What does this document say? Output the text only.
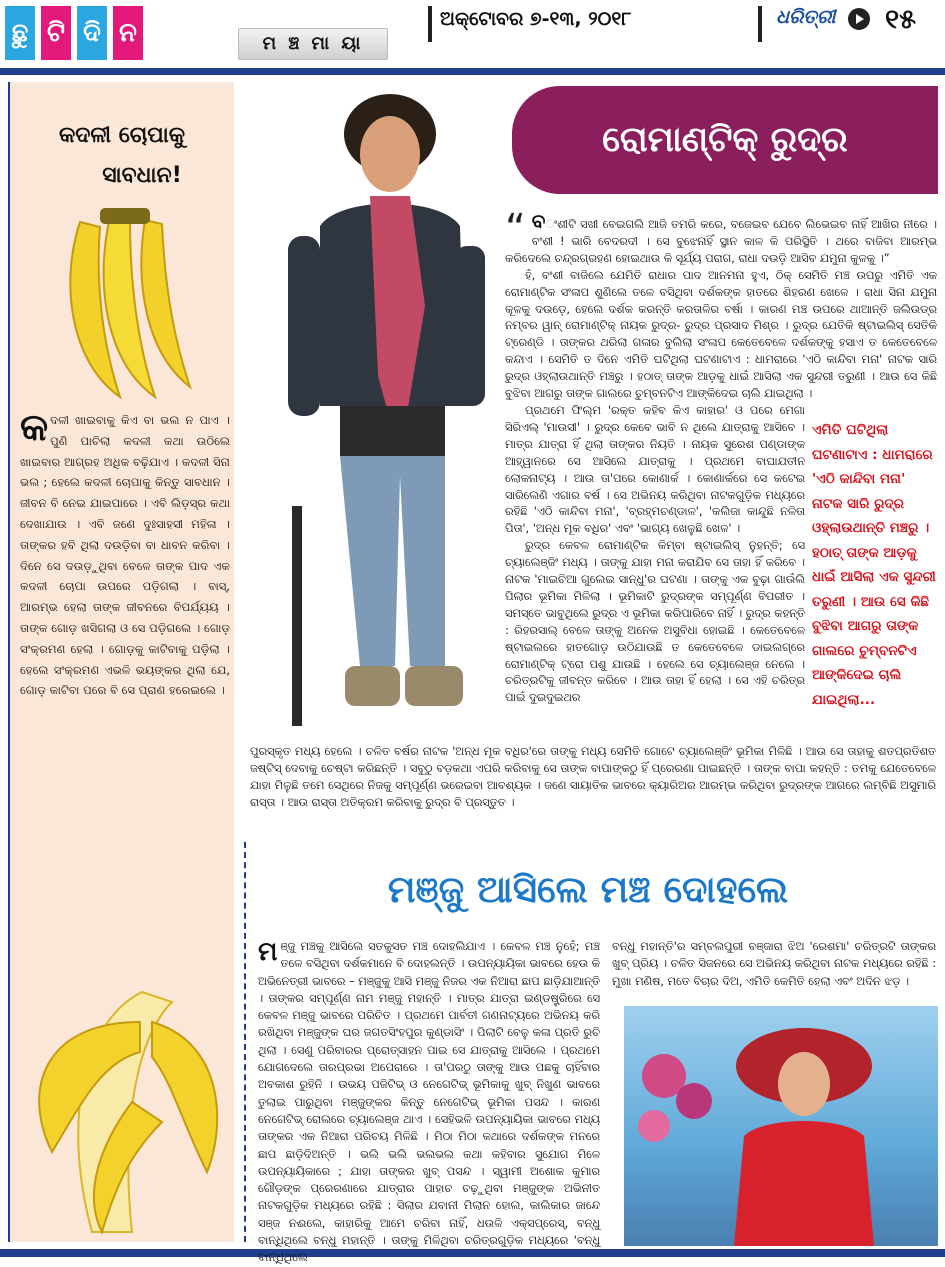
ଛୁ ଟି ଦି ନ	ମ ଞ୍ଚ ମା ୟା
ଅକ୍ଟୋବର ୭-୧୩, ୨୦୧୮	ଧରିତ୍ରୀ ୧୫
କଦଳୀ ଚୋପାକୁ
ସାବଧାନ!
କଦଳୀ ଖାଇବାକୁ କିଏ ବା ଭଲ ନ ପାଏ । ପୁଣି ପାଚିଲା କଦଳୀ କଥା ଉଠିଲେ ଖାଇବାର ଆଗ୍ରହ ଅଧିକ ବଢ଼ିଯାଏ । କଦଳୀ ସିନା ଭଲ ; ହେଲେ କଦଳୀ ଚୋପାକୁ କିନ୍ତୁ ସାବଧାନ । ଜୀବନ ବି ନେଇ ଯାଇପାରେ । ଏବି ଲିଡ଼ସ୍ର କଥା ଦେଖାଯାଉ । ଏବି ଜଣେ ଦୁଃସାହସୀ ମହିଳା । ତାଙ୍କର ହବି ଥିଲା ଦଉଡ଼ିବା ବା ଧାବନ କରିବା । ଦିନେ ସେ ଦଉଡ଼ୁଥିବା ବେଳେ ତାଙ୍କ ପାଦ ଏକ କଦଳୀ ଚୋପା ଉପରେ ପଡ଼ିଗଲା । ବାସ୍, ଆରମ୍ଭ ହେଲା ତାଙ୍କ ଜୀବନରେ ବିପର୍ଯ୍ୟୟ । ତାଙ୍କ ଗୋଡ଼ ଖସିଗଲା ଓ ସେ ପଡ଼ିଗଲେ । ଗୋଡ଼ ସଂକ୍ରମଣ ହେଲା । ଗୋଡ଼କୁ କାଟିବାକୁ ପଡ଼ିଲା । ହେଲେ ସଂକ୍ରମଣ ଏଭଳି ଭୟଙ୍କର ଥିଲା ଯେ, ଗୋଡ଼ କାଟିବା ପରେ ବି ସେ ପ୍ରାଣ ହରେଇଲେ ।
ରୋମାଣ୍ଟିକ୍ ରୁଦ୍ର

“ ବଂଶୀଟି ସଖୀ ବେଇଗଲି ଆଜି ତମରି କରେ, ବଜେଇବ ଯେବେ ଲିଭେଇବ ନାହିଁ ଆଖିର ନୀରେ । ବଂଶୀ ! ଭାରି ବେଦରଦୀ । ସେ ବୁଝେନାହିଁ ସ୍ଥାନ କାଳ କି ପରିସ୍ଥିତି । ଥରେ ବାଜିବା ଆରମ୍ଭ କରିଦେଲେ ଚନ୍ଦ୍ରଗ୍ରହଣ ହୋଇଥାଉ କି ସୂର୍ଯ୍ୟ ପରାଗ, ରାଧା ଦଉଡ଼ି ଆସିବ ଯମୁନା କୁଳକୁ ।”

ହଁ, ବଂଶୀ ବାଜିଲେ ଯେମିତି ରାଧାର ପାଦ ଆନମନା ହୁଏ, ଠିକ୍ ସେମିତି ମଞ୍ଚ ଉପରୁ ଏମିତି ଏକ ରୋମାଣ୍ଟିକ ସଂଳାପ ଶୁଣିଲେ ତଳେ ବସିଥିବା ଦର୍ଶକଙ୍କ ହାତରେ ଶିହରଣ ଖେଳେ । ରାଧା ସିନା ଯମୁନା କୂଳକୁ ଦଉଡ଼େ, ହେଲେ ଦର୍ଶକ କରନ୍ତି କରତାଳିର ବର୍ଷା । କାରଣ ମଞ୍ଚ ଉପରେ ଥାଆନ୍ତି ଜଲିଉଡ୍‌ର ନମ୍ବର ୱାନ୍ ରୋମାଣ୍ଟିକ୍ ନାୟକ ରୁଦ୍ର- ରୁଦ୍ର ପ୍ରସାଦ ମିଶ୍ର । ରୁଦ୍ର ଯେତିକି ଷ୍ଟାଇଲିସ୍ ସେତିକି ଟ୍ରେଣ୍ଡି । ତାଙ୍କର ଥରିଲା ଗଳାର ବୁଲିଲା ସଂଳାପ କେତେବେଳେ ଦର୍ଶକଙ୍କୁ ହସାଏ ତ କେତେବେଳେ କନ୍ଦାଏ । ସେମିତି ତ ଦିନେ ଏମିତି ଘଟିଥିଲା ଘଟଣାଟାଏ : ଧାମରାରେ 'ଏଠି କାନ୍ଦିବା ମନା' ନାଟକ ସାରି ରୁଦ୍ର ଓହ୍ଲାଉଥାନ୍ତି ମଞ୍ଚରୁ । ହଠାତ୍ ତାଙ୍କ ଆଡ଼କୁ ଧାଇଁ ଆସିଲା ଏକ ସୁନ୍ଦରୀ ତରୁଣୀ । ଆଉ ସେ କିଛି ବୁଝିବା ଆଗରୁ ତାଙ୍କ ଗାଲରେ ଚୁମ୍ବନଟିଏ ଆଙ୍କିଦେଇ ଚାଲି ଯାଇଥିଲା ।

ପ୍ରଥମେ ଫିଲ୍ମ 'ରକ୍ତ କହିବ କିଏ କାହାର' ଓ ପରେ ମେଗା ସିରିଏଲ୍ 'ମାଉସୀ' । ରୁଦ୍ର କେବେ ଭାବି ନ ଥିଲେ ଯାତ୍ରାକୁ ଆସିବେ । ମାତ୍ର ଯାତ୍ରା ହିଁ ଥିଲା ତାଙ୍କର ନିୟତି । ନାୟକ ସୁରେଶ ପଣ୍ଡାଙ୍କ ଆହ୍ୱାନରେ ସେ ଆସିଲେ ଯାତ୍ରାକୁ । ପ୍ରଥମେ ବାଘାଯତୀନ ଲୋକନାଟ୍ୟ । ଆଉ ତା'ପରେ କୋଣାର୍କ । କୋଣାର୍କରେ ସେ କଟେଇ ସାରିଲେଣି ଏଗାର ବର୍ଷ । ସେ ଅଭିନୟ କରିଥିବା ନାଟକଗୁଡ଼ିକ ମଧ୍ୟରେ ରହିଛି 'ଏଠି କାନ୍ଦିବା ମନା', 'ବ୍ରହ୍ମଚଣ୍ଡାଳ', 'କଲିଜା କାନ୍ଦୁଛି ନଳିତା ପିତା', 'ଅନ୍ଧ ମୂକ ବଧିର' ଏବଂ 'ଭାଗ୍ୟ ଖେଳୁଛି ଖେଳ' ।
ରୁଦ୍ର କେବଳ ରୋମାଣ୍ଟିକ କିମ୍ବା ଷ୍ଟାଇଲିସ୍ ନୁହନ୍ତି; ସେ ଚ୍ୟାଲେଞ୍ଜିଂ ମଧ୍ୟ । ତାଙ୍କୁ ଯାହା ମନା କରାଯିବ ସେ ତାହା ହିଁ କରିବେ । ନାଟକ 'ମାଇଚିଆ ଗୁଲେଇ ସାନ୍ଧୁ'ର ଘଟଣା । ତାଙ୍କୁ ଏକ ବୁଢ଼ା ଗାଉଁଲି ପିଲାର ଭୂମିକା ମିଳିଲା । ଭୂମିକାଟି ରୁଦ୍ରଙ୍କ ସମ୍ପୂର୍ଣ୍ଣ ବିପରୀତ । ସମସ୍ତେ ଭାବୁଥିଲେ ରୁଦ୍ର ଏ ଭୂମିକା କରିପାରିବେ ନାହିଁ । ରୁଦ୍ର କହନ୍ତି : ରିହରସାଲ୍ ବେଳେ ତାଙ୍କୁ ଅନେକ ଅସୁବିଧା ହୋଇଛି । କେତେବେଳେ ଷ୍ଟାଇଲରେ ହାତଗୋଡ଼ ଉଠିଯାଉଛି ତ କେତେବେଳେ ଡାଇଲଗ୍‌ରେ ରୋମାଣ୍ଟିକ୍ ଟ୍ରୋ ପଶୁ ଯାଉଛି । ହେଲେ ସେ ଚ୍ୟାଲେଞ୍ଜ ନେଲେ । ଚରିତ୍ରଟିକୁ ଜୀବନ୍ତ କରିବେ । ଆଉ ତାହା ହିଁ ହେଲା । ସେ ଏହି ଚରିତ୍ର ପାଇଁ ଦୁଇଦୁଇଥର
ଏମିତି ଘଟିଥିଲା ଘଟଣାଟାଏ : ଧାମରାରେ 'ଏଠି କାନ୍ଦିବା ମନା' ନାଟକ ସାରି ରୁଦ୍ର ଓହ୍ଲାଉଥାନ୍ତି ମଞ୍ଚରୁ । ହଠାତ୍ ତାଙ୍କ ଆଡ଼କୁ ଧାଇଁ ଆସିଲା ଏକ ସୁନ୍ଦରୀ ତରୁଣୀ । ଆଉ ସେ କିଛି ବୁଝିବା ଆଗରୁ ତାଙ୍କ ଗାଲରେ ଚୁମ୍ବନଟିଏ ଆଙ୍କିଦେଇ ଚାଲି ଯାଇଥିଲା...
ପୁରସ୍କୃତ ମଧ୍ୟ ହେଲେ । ଚଳିତ ବର୍ଷର ନାଟକ 'ଅନ୍ଧ ମୂକ ବଧିର'ରେ ତାଙ୍କୁ ମଧ୍ୟ ସେମିତି ଗୋଟେ ଚ୍ୟାଲେଞ୍ଜିଂ ଭୂମିକା ମିଳିଛି । ଆଉ ସେ ତାହାକୁ ଶତପ୍ରତିଶତ ଜଷ୍ଟିସ୍ ଦେବାକୁ ଚେଷ୍ଟା କରିଛନ୍ତି । ସବୁଠୁ ବଡ଼କଥା ଏପରି କରିବାକୁ ସେ ତାଙ୍କ ବାପାଙ୍କଠୁ ହିଁ ପ୍ରେରଣା ପାଇଛନ୍ତି । ତାଙ୍କ ବାପା କହନ୍ତି : ତମକୁ ଯେତେବେଳେ ଯାହା ମିଳୁଛି ତମେ ସେଥିରେ ନିଜକୁ ସମ୍ପୂର୍ଣ୍ଣ ଭରେଇବା ଆବଶ୍ୟକ । ଜଣେ ସାୟାତିକ ଭାବରେ କ୍ୟାରିଅର ଆରମ୍ଭ କରିଥିବା ରୁଦ୍ରଙ୍କ ଆଗରେ ଲମ୍ବିଛି ଅସୁମାରି ରାସ୍ତା । ଆଉ ରାସ୍ତା ଅତିକ୍ରମ କରିବାକୁ ରୁଦ୍ର ବି ପ୍ରସ୍ତୁତ ।
ମଞ୍ଜୁ ଆସିଲେ ମଞ୍ଚ ଦୋହଲେ
ମଞ୍ଜୁ ମଞ୍ଚକୁ ଆସିଲେ ସତକୁସତ ମଞ୍ଚ ଦୋହଲିଯାଏ । କେବଳ ମଞ୍ଚ ନୁହେଁ; ମଞ୍ଚ ତଳେ ବସିଥିବା ଦର୍ଶକମାନେ ବି ଦୋହଲନ୍ତି । ଉପନ୍ୟାୟିକା ଭାବରେ ହେଉ କି ଅଭିନେତ୍ରୀ ଭାବରେ – ମଞ୍ଜୁକୁ ଆସି ମଞ୍ଜୁ ନିଜର ଏକ ନିଆରା ଛାପ ଛାଡ଼ିଯାଆନ୍ତି । ତାଙ୍କର ସମ୍ପୂର୍ଣ୍ଣ ନାମ ମଞ୍ଜୁ ମହାନ୍ତି । ମାତ୍ର ଯାତ୍ରା ଇଣ୍ଡଷ୍ଟ୍ରିରେ ସେ କେବଳ ମଞ୍ଜୁ ଭାବରେ ପରିଚିତ । ପ୍ରଥମେ ପାର୍ବତୀ ଗଣନାଟ୍ୟରେ ଅଭିନୟ କରି ରଖିଥିବା ମଞ୍ଜୁଙ୍କ ଘର ଜଗତସିଂହପୁର କୁଣ୍ଡାସିଂ । ପିଲାଟି ବେଳୁ କଳା ପ୍ରତି ରୁଚି ଥିଲା । ସେଣୁ ପରିବାରର ପ୍ରୋତ୍ସାହନ ପାଇ ସେ ଯାତ୍ରାକୁ ଆସିଲେ । ପ୍ରଥମେ ଯୋଗଦେଲେ ତାରପ୍ରଭା ଅପେରାରେ । ତା'ପରଠୁ ତାଙ୍କୁ ଆଉ ପଛକୁ ଚାହିଁବାର ଅବକାଶ ରୁହିନି । ଉଭୟ ପଜିଟିଭ୍ ଓ ନେଗେଟିଭ୍ ଭୂମିକାକୁ ଖୁବ୍ ନିଖୁଣ ଭାବରେ ତୁଲାଇ ପାରୁଥିବା ମଞ୍ଜୁଙ୍କର କିନ୍ତୁ ନେଗେଟିଭ୍ ଭୂମିକା ପସନ୍ଦ । କାରଣ ନେଗେଟିଭ୍ ରୋଲରେ ଚ୍ୟାଲେଞ୍ଜ ଥାଏ । ସେହିଭଳି ଉପନ୍ୟାୟିକା ଭାବରେ ମଧ୍ୟ ତାଙ୍କର ଏକ ନିଆରା ପରିଚୟ ମିଳିଛି । ମିଠା ମିଠା କଥାରେ ଦର୍ଶକଙ୍କ ମନରେ ଛାପ ଛାଡ଼ିଦିଅନ୍ତି । ଭଲି ଭଲି ଭଲଭଲ କଥା କହିବାର ସୁଯୋଗ ମିଳେ ଉପନ୍ୟାୟିକାରେ ; ଯାହା ତାଙ୍କର ଖୁବ୍ ପସନ୍ଦ । ସ୍ୱାମୀ ଅଶୋକ କୁମାର ଗୌଡ଼ଙ୍କ ପ୍ରେରଣାରେ ଯାତ୍ରାର ପାହାଚ ଚଢ଼ୁଥିବା ମଞ୍ଜୁଙ୍କ ଅଭିନୀତ ନାଟକଗୁଡ଼ିକ ମଧ୍ୟରେ ରହିଛି : ସିଲାର ଯବାନୀ ମିଲାନ ହୋଲ, କାଲିକାର ଜାନ୍ଦେ ସଞ୍ଜ ନଈଲେ, କାହାରିକୁ ଆମେ ଚରିବା ନାହିଁ, ଧଉଳି ଏକ୍ସପ୍ରେସ୍, ବନ୍ଧୁ ବାନ୍ଧିଥିଲେ ବନ୍ଧୁ ମହାନ୍ତି । ତାଙ୍କୁ ମିଳିଥିବା ଚରିତ୍ରଗୁଡ଼ିକ ମଧ୍ୟରେ 'ବନ୍ଧୁ ବାନ୍ଧିଥିଲେ
ବନ୍ଧୁ ମହାନ୍ତି'ର ସମ୍ବଲପୁରୀ ବଞ୍ଜାରା ଝିଅ 'ରେଶମା' ଚରିତ୍ରଟି ତାଙ୍କର ଖୁବ୍ ପ୍ରିୟ । ଚଳିତ ସିଜନରେ ସେ ଅଭିନୟ କରିଥିବା ନାଟକ ମଧ୍ୟରେ ରହିଛି : ମୁଖା ମଣିଷ, ମତେ ବିଚାର ଦିଅ, ଏମିତି କେମିତି ହେଲା ଏବଂ ଅଦିନ ଝଡ଼ ।
